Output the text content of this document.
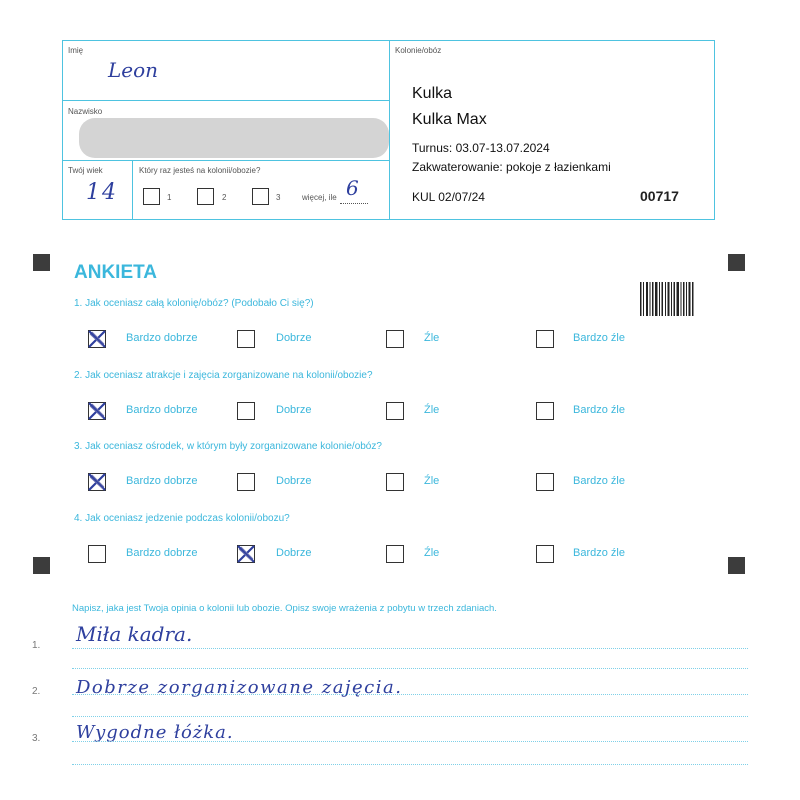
Imię
Leon
Nazwisko
Twój wiek
14
Który raz jesteś na kolonii/obozie?
1	2	3	więcej, ile 6
Kolonie/obóz
Kulka
Kulka Max
Turnus: 03.07-13.07.2024
Zakwaterowanie: pokoje z łazienkami
KUL 02/07/24	00717
ANKIETA
1. Jak oceniasz całą kolonię/obóz? (Podobało Ci się?)
Bardzo dobrze	Dobrze	Źle	Bardzo źle
2. Jak oceniasz atrakcje i zajęcia zorganizowane na kolonii/obozie?
Bardzo dobrze	Dobrze	Źle	Bardzo źle
3. Jak oceniasz ośrodek, w którym były zorganizowane kolonie/obóz?
Bardzo dobrze	Dobrze	Źle	Bardzo źle
4. Jak oceniasz jedzenie podczas kolonii/obozu?
Bardzo dobrze	Dobrze	Źle	Bardzo źle
Napisz, jaka jest Twoja opinia o kolonii lub obozie. Opisz swoje wrażenia z pobytu w trzech zdaniach.
1. Miła kadra.
2. Dobrze zorganizowane zajęcia.
3. Wygodne łóżka.
